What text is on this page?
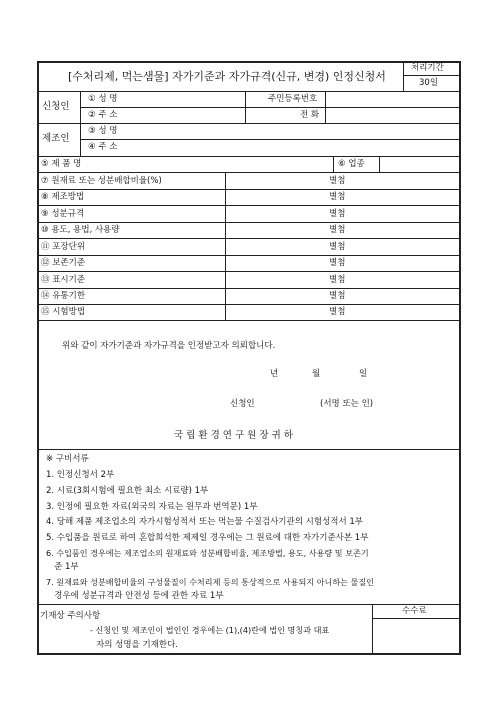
[수처리제, 먹는샘물] 자가기준과 자가규격(신규, 변경) 인정신청서
처리기간
30일
신청인
① 성 명	주민등록번호
② 주 소	전 화
제조인
③ 성 명
④ 주 소
⑤ 제 품 명	⑥ 업종
⑦ 원재료 또는 성분배합비율(%)	별첨
⑧ 제조방법	별첨
⑨ 성분규격	별첨
⑩ 용도, 용법, 사용량	별첨
⑪ 포장단위	별첨
⑫ 보존기준	별첨
⑬ 표시기준	별첨
⑭ 유통기한	별첨
⑮ 시험방법	별첨
위와 같이 자가기준과 자가규격을 인정받고자 의뢰합니다.
년	월	일
신청인	(서명 또는 인)
국 립 환 경 연 구 원 장 귀 하
※ 구비서류
1. 인정신청서 2부
2. 시료(3회시험에 필요한 최소 시료량) 1부
3. 인정에 필요한 자료(외국의 자료는 원무과 번역문) 1부
4. 당해 제품 제조업소의 자가시험성적서 또는 먹는물 수질검사기관의 시험성적서 1부
5. 수입품을 원료로 하여 혼합희석한 제제일 경우에는 그 원료에 대한 자가기준사본 1부
6. 수입품인 경우에는 제조업소의 원재료와 성분배합비율, 제조방법, 용도, 사용량 및 보존기
준 1부
7. 원재료와 성분배합비율의 구성물질이 수처리제 등의 통상적으로 사용되지 아니하는 물질인
경우에 성분규격과 안전성 등에 관한 자료 1부
기재상 주의사항
- 신청인 및 제조인이 법인인 경우에는 (1),(4)란에 법인 명칭과 대표
자의 성명을 기재한다.
수수료
